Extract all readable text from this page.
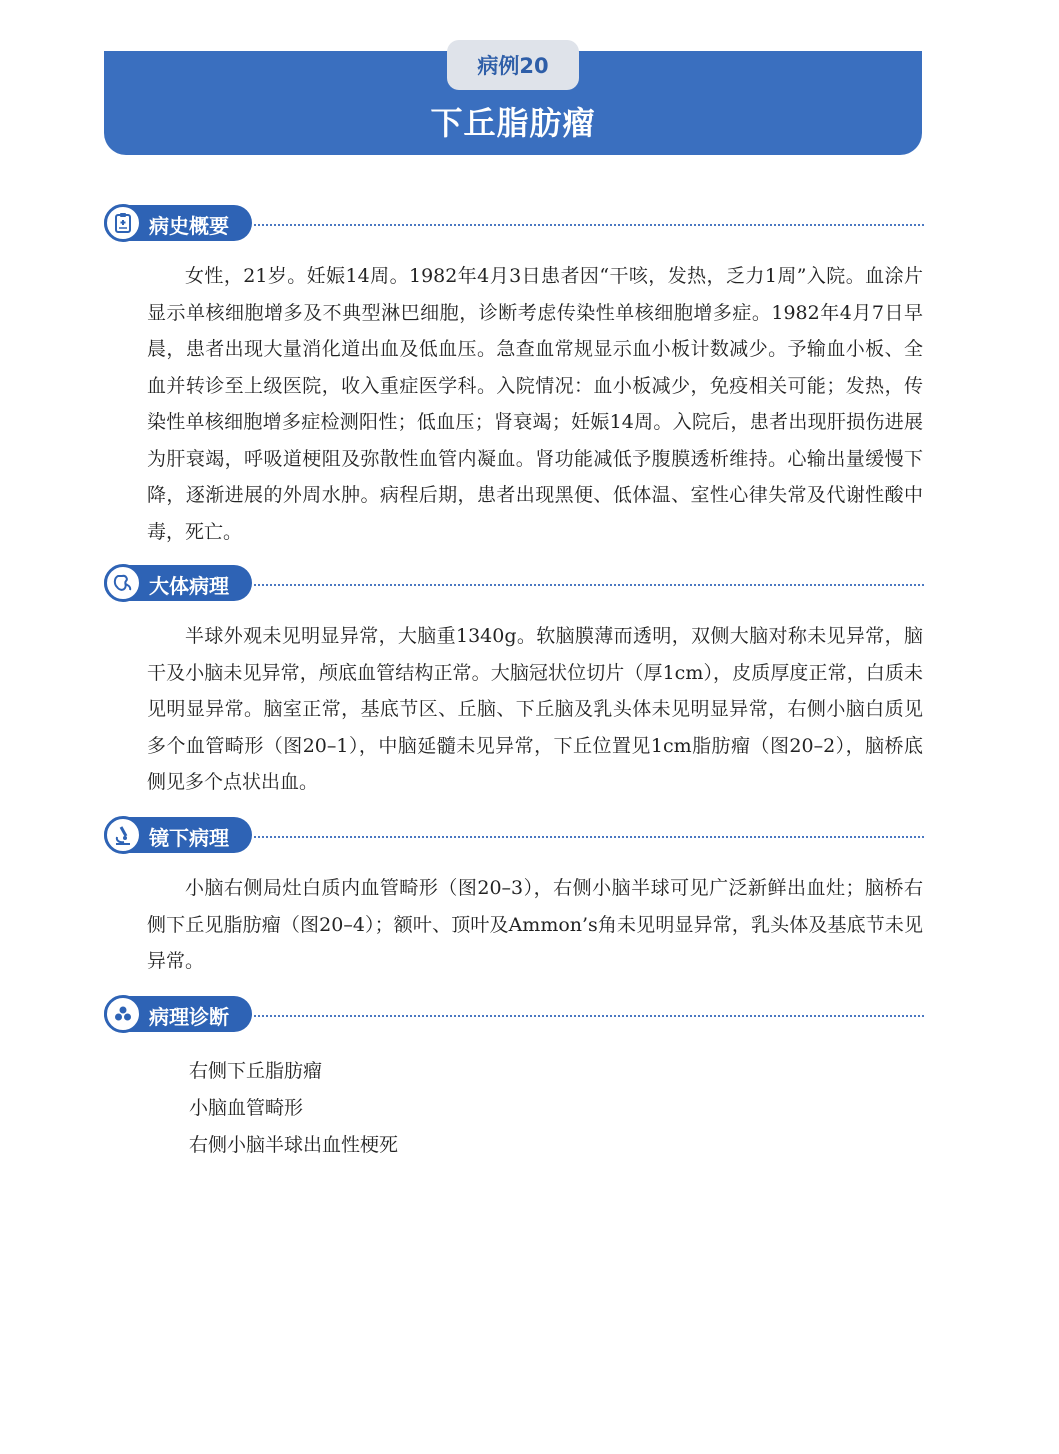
病例20
下丘脂肪瘤
病史概要

女性，21岁。妊娠14周。1982年4月3日患者因“干咳，发热，乏力1周”入院。血涂片显示单核细胞增多及不典型淋巴细胞，诊断考虑传染性单核细胞增多症。1982年4月7日早晨，患者出现大量消化道出血及低血压。急查血常规显示血小板计数减少。予输血小板、全血并转诊至上级医院，收入重症医学科。入院情况：血小板减少，免疫相关可能；发热，传染性单核细胞增多症检测阳性；低血压；肾衰竭；妊娠14周。入院后，患者出现肝损伤进展为肝衰竭，呼吸道梗阻及弥散性血管内凝血。肾功能减低予腹膜透析维持。心输出量缓慢下降，逐渐进展的外周水肿。病程后期，患者出现黑便、低体温、室性心律失常及代谢性酸中毒，死亡。

大体病理

半球外观未见明显异常，大脑重1340g。软脑膜薄而透明，双侧大脑对称未见异常，脑干及小脑未见异常，颅底血管结构正常。大脑冠状位切片（厚1cm），皮质厚度正常，白质未见明显异常。脑室正常，基底节区、丘脑、下丘脑及乳头体未见明显异常，右侧小脑白质见多个血管畸形（图20–1），中脑延髓未见异常，下丘位置见1cm脂肪瘤（图20–2），脑桥底侧见多个点状出血。

镜下病理

小脑右侧局灶白质内血管畸形（图20–3），右侧小脑半球可见广泛新鲜出血灶；脑桥右侧下丘见脂肪瘤（图20–4）；额叶、顶叶及Ammon’s角未见明显异常，乳头体及基底节未见异常。

病理诊断

右侧下丘脂肪瘤

小脑血管畸形

右侧小脑半球出血性梗死
